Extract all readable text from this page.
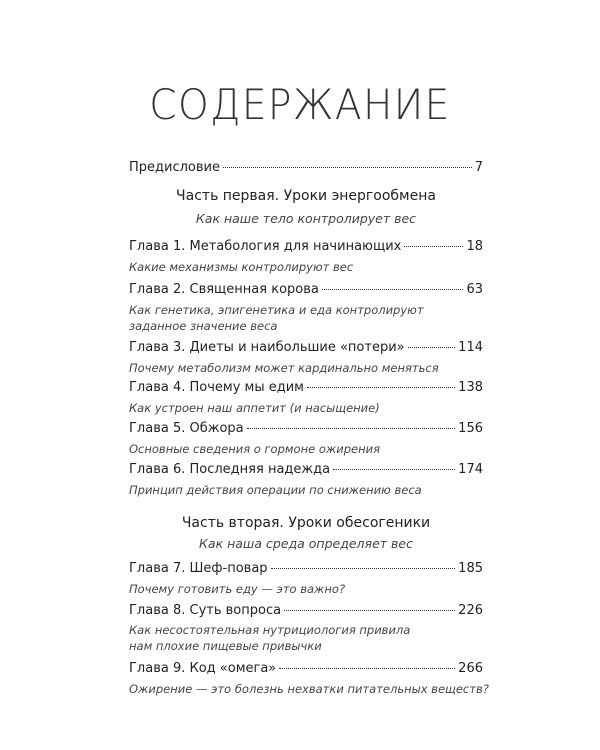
СОДЕРЖАНИЕ
Предисловие	7
Часть первая. Уроки энергообмена
Как наше тело контролирует вес
Глава 1. Метабология для начинающих	18
Какие механизмы контролируют вес
Глава 2. Священная корова	63
Как генетика, эпигенетика и еда контролируют
заданное значение веса
Глава 3. Диеты и наибольшие «потери»	114
Почему метаболизм может кардинально меняться
Глава 4. Почему мы едим	138
Как устроен наш аппетит (и насыщение)
Глава 5. Обжора	156
Основные сведения о гормоне ожирения
Глава 6. Последняя надежда	174
Принцип действия операции по снижению веса
Часть вторая. Уроки обесогеники
Как наша среда определяет вес
Глава 7. Шеф-повар	185
Почему готовить еду — это важно?
Глава 8. Суть вопроса	226
Как несостоятельная нутрициология привила
нам плохие пищевые привычки
Глава 9. Код «омега»	266
Ожирение — это болезнь нехватки питательных веществ?
